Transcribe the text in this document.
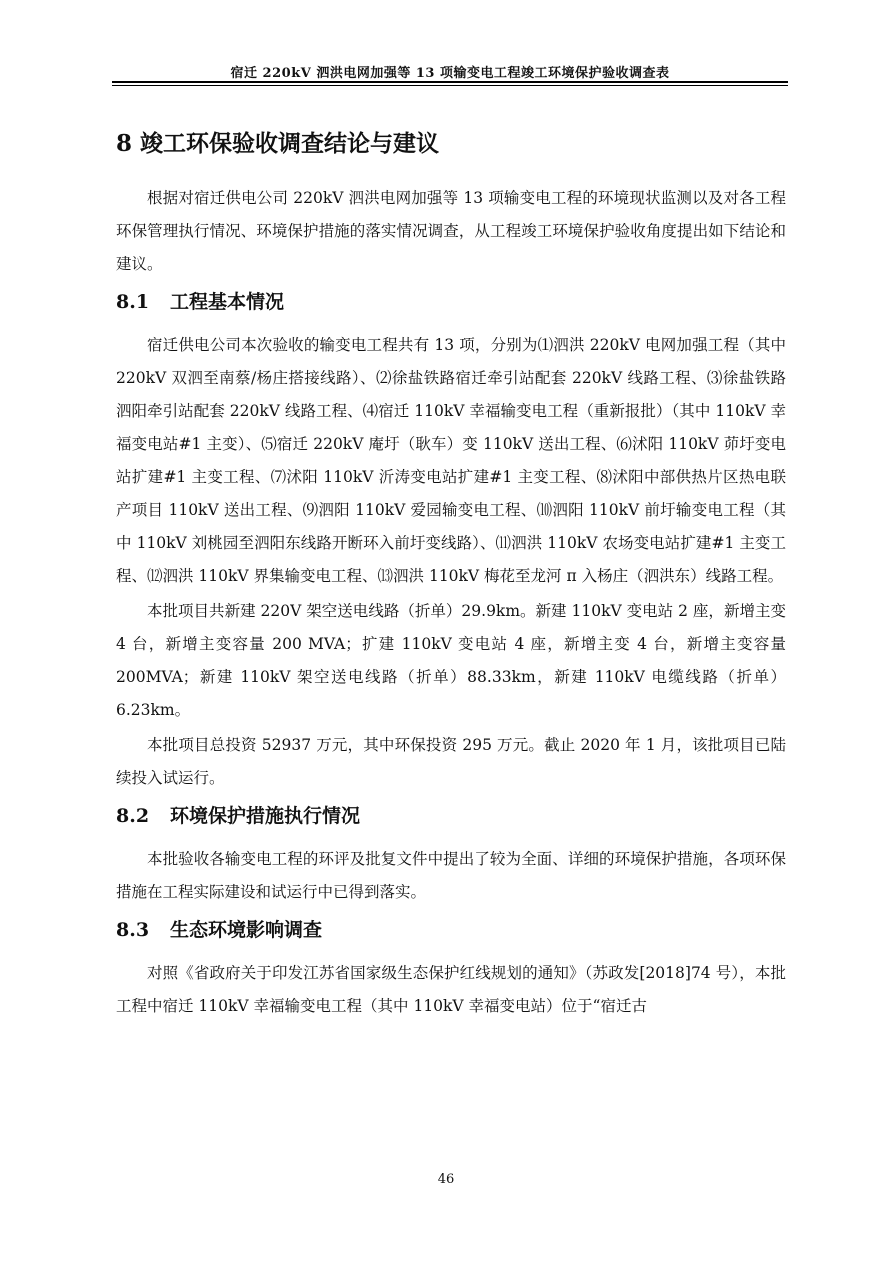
宿迁 220kV 泗洪电网加强等 13 项输变电工程竣工环境保护验收调查表
8 竣工环保验收调查结论与建议

根据对宿迁供电公司 220kV 泗洪电网加强等 13 项输变电工程的环境现状监测以及对各工程环保管理执行情况、环境保护措施的落实情况调查，从工程竣工环境保护验收角度提出如下结论和建议。

8.1 工程基本情况

宿迁供电公司本次验收的输变电工程共有 13 项，分别为⑴泗洪 220kV 电网加强工程（其中 220kV 双泗至南蔡/杨庄搭接线路）、⑵徐盐铁路宿迁牵引站配套 220kV 线路工程、⑶徐盐铁路泗阳牵引站配套 220kV 线路工程、⑷宿迁 110kV 幸福输变电工程（重新报批）（其中 110kV 幸福变电站#1 主变）、⑸宿迁 220kV 庵圩（耿车）变 110kV 送出工程、⑹沭阳 110kV 茆圩变电站扩建#1 主变工程、⑺沭阳 110kV 沂涛变电站扩建#1 主变工程、⑻沭阳中部供热片区热电联产项目 110kV 送出工程、⑼泗阳 110kV 爱园输变电工程、⑽泗阳 110kV 前圩输变电工程（其中 110kV 刘桃园至泗阳东线路开断环入前圩变线路）、⑾泗洪 110kV 农场变电站扩建#1 主变工程、⑿泗洪 110kV 界集输变电工程、⒀泗洪 110kV 梅花至龙河 π 入杨庄（泗洪东）线路工程。

本批项目共新建 220V 架空送电线路（折单）29.9km。新建 110kV 变电站 2 座，新增主变 4 台，新增主变容量 200 MVA；扩建 110kV 变电站 4 座，新增主变 4 台，新增主变容量 200MVA；新建 110kV 架空送电线路（折单）88.33km，新建 110kV 电缆线路（折单）6.23km。

本批项目总投资 52937 万元，其中环保投资 295 万元。截止 2020 年 1 月，该批项目已陆续投入试运行。

8.2 环境保护措施执行情况

本批验收各输变电工程的环评及批复文件中提出了较为全面、详细的环境保护措施，各项环保措施在工程实际建设和试运行中已得到落实。

8.3 生态环境影响调查

对照《省政府关于印发江苏省国家级生态保护红线规划的通知》（苏政发[2018]74 号），本批工程中宿迁 110kV 幸福输变电工程（其中 110kV 幸福变电站）位于“宿迁古

46
